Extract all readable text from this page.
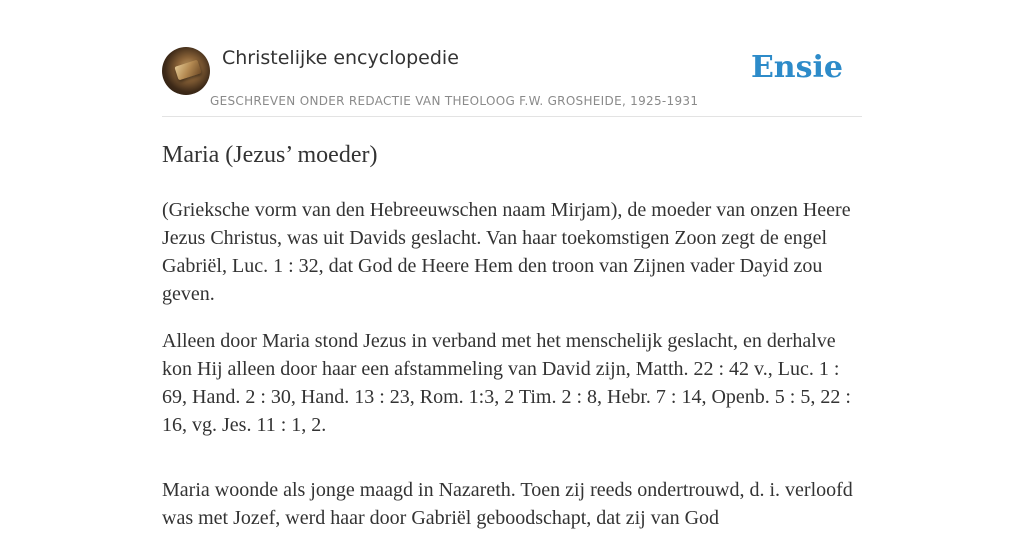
Christelijke encyclopedie
GESCHREVEN ONDER REDACTIE VAN THEOLOOG F.W. GROSHEIDE, 1925-1931
Ensie
Maria (Jezus’ moeder)

(Grieksche vorm van den Hebreeuwschen naam Mirjam), de moeder van onzen Heere Jezus Christus, was uit Davids geslacht. Van haar toekomstigen Zoon zegt de engel Gabriël, Luc. 1 : 32, dat God de Heere Hem den troon van Zijnen vader Dayid zou geven.

Alleen door Maria stond Jezus in verband met het menschelijk geslacht, en derhalve kon Hij alleen door haar een afstammeling van David zijn, Matth. 22 : 42 v., Luc. 1 : 69, Hand. 2 : 30, Hand. 13 : 23, Rom. 1:3, 2 Tim. 2 : 8, Hebr. 7 : 14, Openb. 5 : 5, 22 : 16, vg. Jes. 11 : 1, 2.

Maria woonde als jonge maagd in Nazareth. Toen zij reeds ondertrouwd, d. i. verloofd was met Jozef, werd haar door Gabriël geboodschapt, dat zij van God
